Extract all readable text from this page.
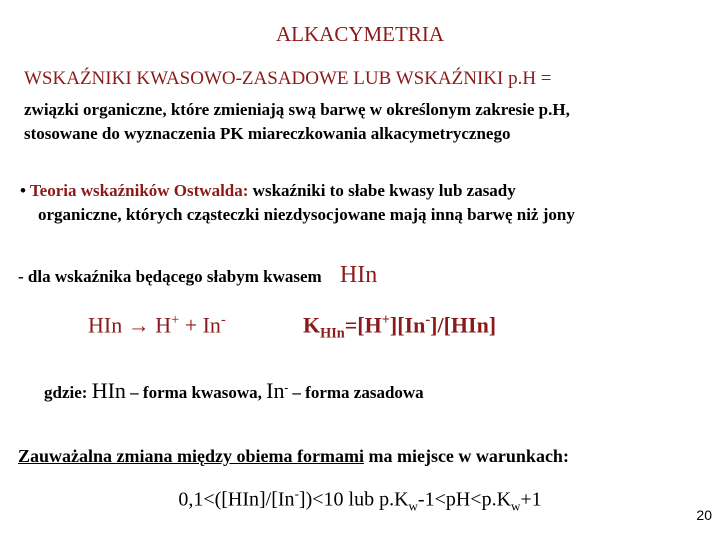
ALKACYMETRIA
WSKAŹNIKI KWASOWO-ZASADOWE LUB WSKAŹNIKI p.H =
związki organiczne, które zmieniają swą barwę w określonym zakresie p.H,
stosowane do wyznaczenia PK miareczkowania alkacymetrycznego
• Teoria wskaźników Ostwalda: wskaźniki to słabe kwasy lub zasady
organiczne, których cząsteczki niezdysocjowane mają inną barwę niż jony
- dla wskaźnika będącego słabym kwasem HIn
HIn → H+ + In-	$K_{HIn}=[H^+][In^-]/[HIn]$
gdzie: HIn – forma kwasowa, In- – forma zasadowa
Zauważalna zmiana między obiema formami ma miejsce w warunkach:
0,1<([HIn]/[In-])<10 lub $p.K_w-1<pH<p.K_w+1$
20
